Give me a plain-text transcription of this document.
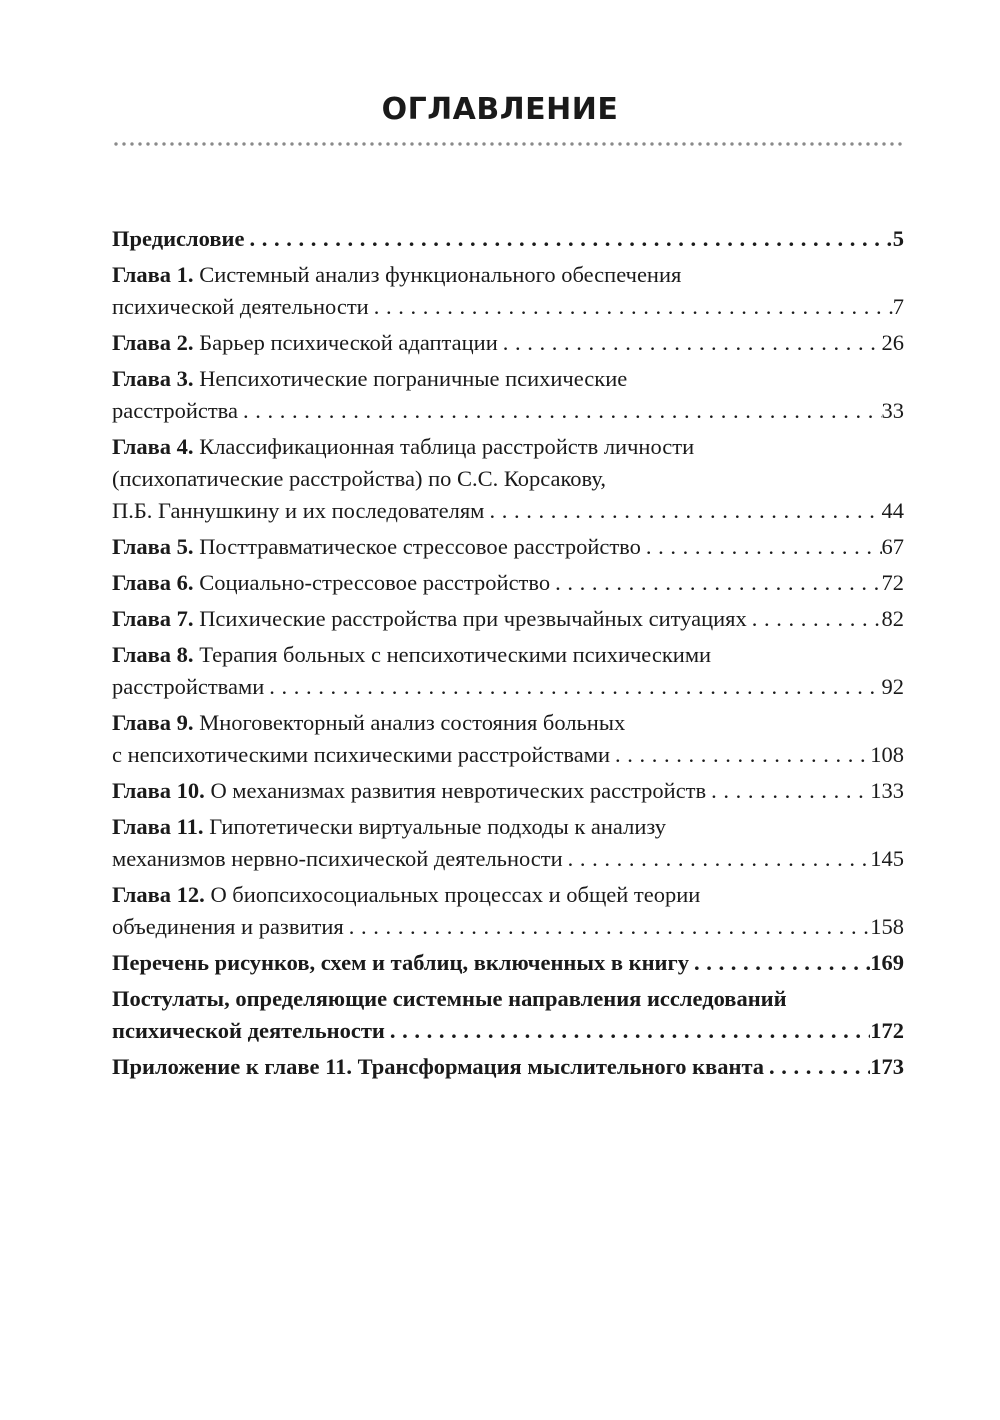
ОГЛАВЛЕНИЕ
Предисловие . . .	5
Глава 1. Системный анализ функционального обеспечения
психической деятельности . . .	7
Глава 2. Барьер психической адаптации . . .	26
Глава 3. Непсихотические пограничные психические
расстройства . . .	33
Глава 4. Классификационная таблица расстройств личности
(психопатические расстройства) по С.С. Корсакову,
П.Б. Ганнушкину и их последователям . . .	44
Глава 5. Посттравматическое стрессовое расстройство . . .	67
Глава 6. Социально-стрессовое расстройство . . .	72
Глава 7. Психические расстройства при чрезвычайных ситуациях . . .	82
Глава 8. Терапия больных с непсихотическими психическими
расстройствами . . .	92
Глава 9. Многовекторный анализ состояния больных
с непсихотическими психическими расстройствами . . .	108
Глава 10. О механизмах развития невротических расстройств . . .	133
Глава 11. Гипотетически виртуальные подходы к анализу
механизмов нервно-психической деятельности . . .	145
Глава 12. О биопсихосоциальных процессах и общей теории
объединения и развития . . .	158
Перечень рисунков, схем и таблиц, включенных в книгу . . .	169
Постулаты, определяющие системные направления исследований
психической деятельности . . .	172
Приложение к главе 11. Трансформация мыслительного кванта . . .	173
